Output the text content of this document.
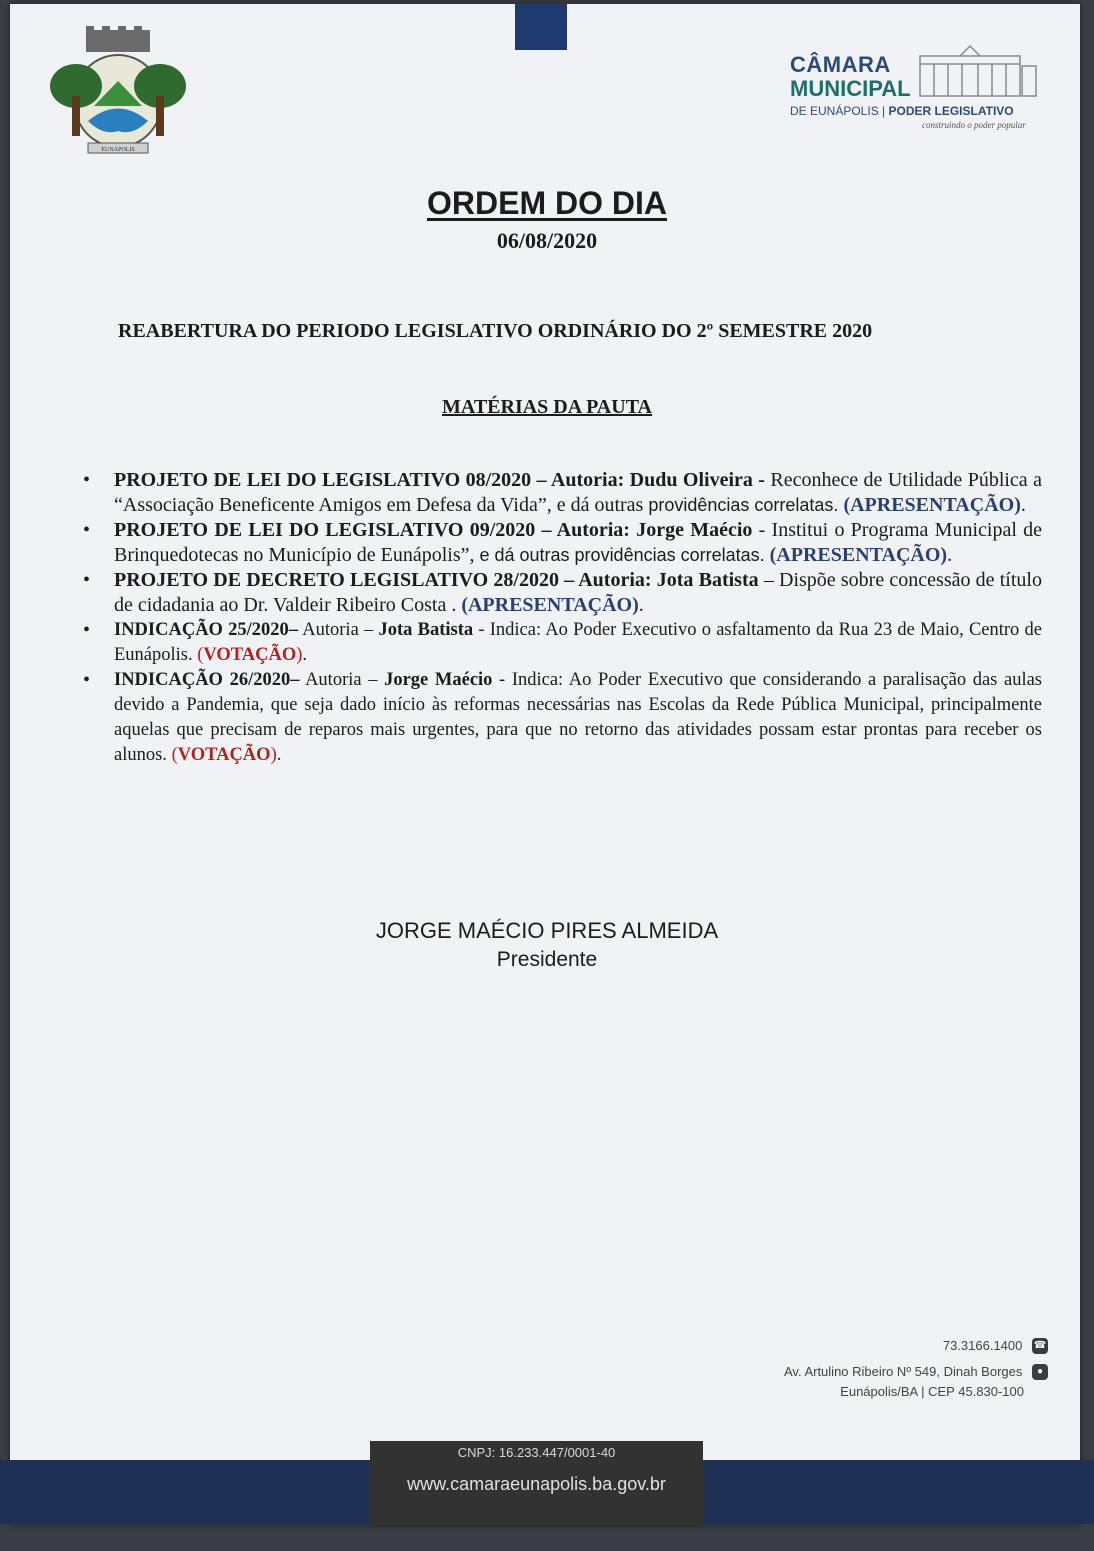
EUNÁPOLIS
CÂMARA
MUNICIPAL
DE EUNÁPOLIS | PODER LEGISLATIVO
construindo o poder popular
ORDEM DO DIA
06/08/2020
REABERTURA DO PERIODO LEGISLATIVO ORDINÁRIO DO 2º SEMESTRE 2020
MATÉRIAS DA PAUTA
• PROJETO DE LEI DO LEGISLATIVO 08/2020 – Autoria: Dudu Oliveira - Reconhece de Utilidade Pública a “Associação Beneficente Amigos em Defesa da Vida”, e dá outras providências correlatas. (APRESENTAÇÃO).
• PROJETO DE LEI DO LEGISLATIVO 09/2020 – Autoria: Jorge Maécio - Institui o Programa Municipal de Brinquedotecas no Município de Eunápolis”, e dá outras providências correlatas. (APRESENTAÇÃO).
• PROJETO DE DECRETO LEGISLATIVO 28/2020 – Autoria: Jota Batista – Dispõe sobre concessão de título de cidadania ao Dr. Valdeir Ribeiro Costa . (APRESENTAÇÃO).
• INDICAÇÃO 25/2020– Autoria – Jota Batista - Indica: Ao Poder Executivo o asfaltamento da Rua 23 de Maio, Centro de Eunápolis. (VOTAÇÃO).
• INDICAÇÃO 26/2020– Autoria – Jorge Maécio - Indica: Ao Poder Executivo que considerando a paralisação das aulas devido a Pandemia, que seja dado início às reformas necessárias nas Escolas da Rede Pública Municipal, principalmente aquelas que precisam de reparos mais urgentes, para que no retorno das atividades possam estar prontas para receber os alunos. (VOTAÇÃO).
JORGE MAÉCIO PIRES ALMEIDA
Presidente
73.3166.1400 ☎
Av. Artulino Ribeiro Nº 549, Dinah Borges ●
Eunápolis/BA | CEP 45.830-100
CNPJ: 16.233.447/0001-40
www.camaraeunapolis.ba.gov.br
